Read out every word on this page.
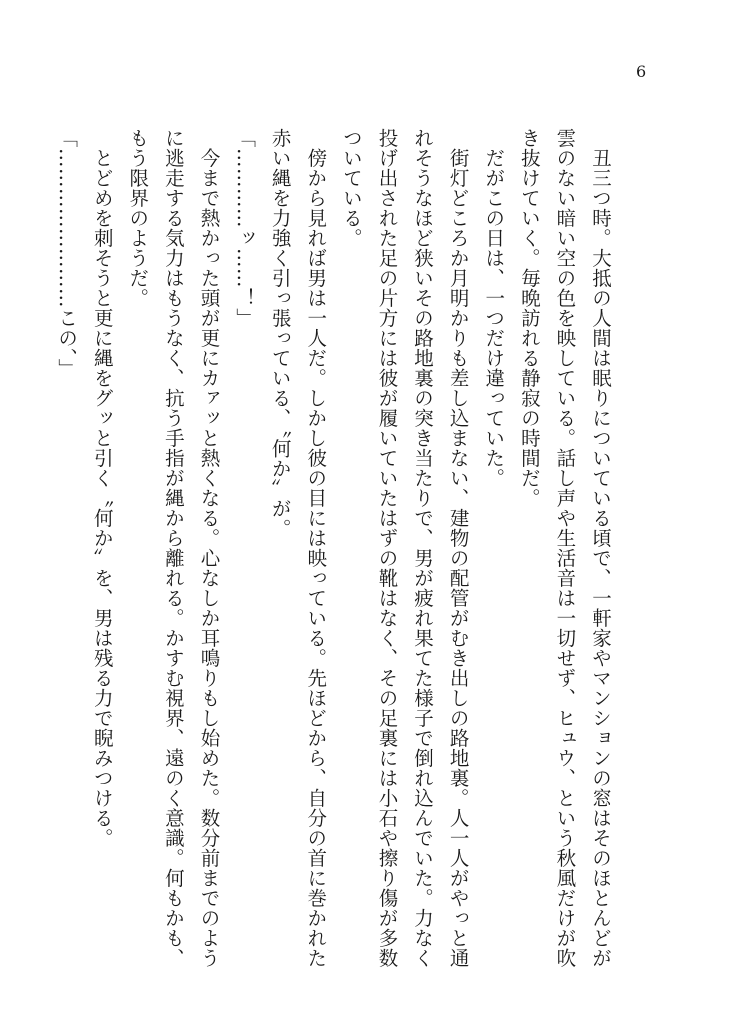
6

　丑三つ時。大抵の人間は眠りについている頃で、一軒家やマンションの窓はそのほとんどが

雲のない暗い空の色を映している。話し声や生活音は一切せず、ヒュウ、という秋風だけが吹

き抜けていく。毎晩訪れる静寂の時間だ。

　だがこの日は、一つだけ違っていた。

　街灯どころか月明かりも差し込まない、建物の配管がむき出しの路地裏。人一人がやっと通

れそうなほど狭いその路地裏の突き当たりで、男が疲れ果てた様子で倒れ込んでいた。力なく

投げ出された足の片方には彼が履いていたはずの靴はなく、その足裏には小石や擦り傷が多数

ついている。

　傍から見れば男は一人だ。しかし彼の目には映っている。先ほどから、自分の首に巻かれた

赤い縄を力強く引っ張っている、〝何か〟が。

「…………ッ……！」

　今まで熱かった頭が更にカァッと熱くなる。心なしか耳鳴りもし始めた。数分前までのよう

に逃走する気力はもうなく、抗う手指が縄から離れる。かすむ視界、遠のく意識。何もかも、

もう限界のようだ。

　とどめを刺そうと更に縄をグッと引く〝何か〟を、男は残る力で睨みつける。

「……………………この、」
